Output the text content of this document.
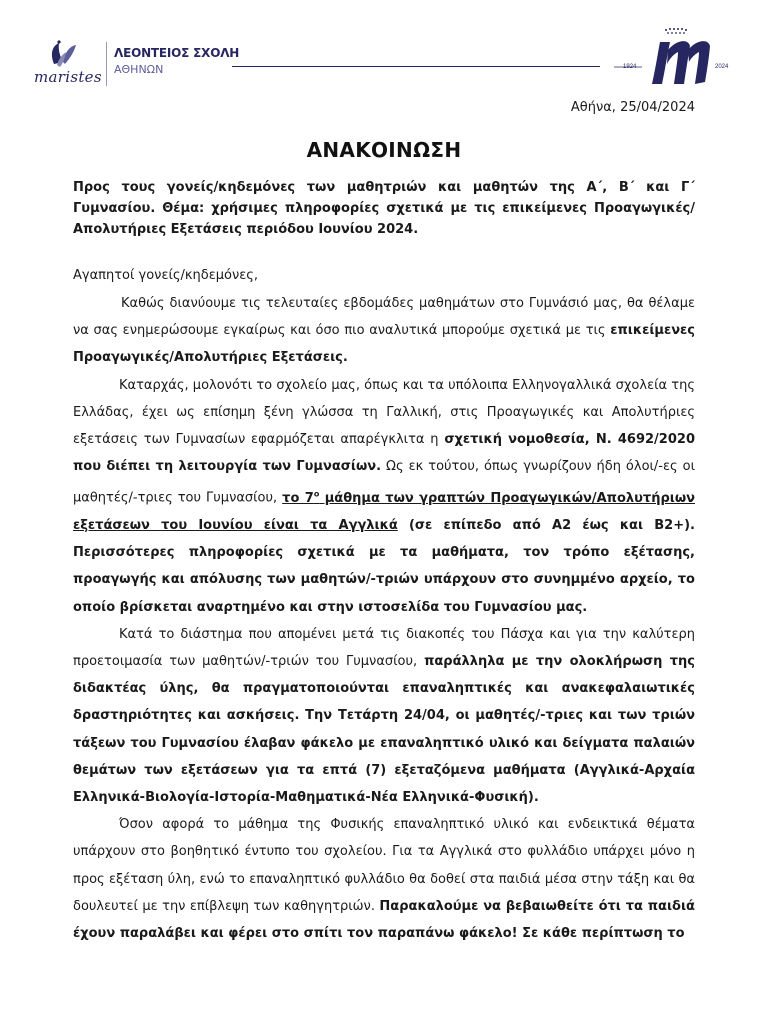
maristes
ΛΕΟΝΤΕΙΟΣ ΣΧΟΛΗ
ΑΘΗΝΩΝ	1924	2024
Αθήνα, 25/04/2024
ΑΝΑΚΟΙΝΩΣΗ

Προς τους γονείς/κηδεμόνες των μαθητριών και μαθητών της Α΄, Β΄ και Γ΄ Γυμνασίου. Θέμα: χρήσιμες πληροφορίες σχετικά με τις επικείμενες Προαγωγικές/Απολυτήριες Εξετάσεις περιόδου Ιουνίου 2024.

Αγαπητοί γονείς/κηδεμόνες,

Καθώς διανύουμε τις τελευταίες εβδομάδες μαθημάτων στο Γυμνάσιό μας, θα θέλαμε να σας ενημερώσουμε εγκαίρως και όσο πιο αναλυτικά μπορούμε σχετικά με τις επικείμενες Προαγωγικές/Απολυτήριες Εξετάσεις.

Καταρχάς, μολονότι το σχολείο μας, όπως και τα υπόλοιπα Ελληνογαλλικά σχολεία της Ελλάδας, έχει ως επίσημη ξένη γλώσσα τη Γαλλική, στις Προαγωγικές και Απολυτήριες εξετάσεις των Γυμνασίων εφαρμόζεται απαρέγκλιτα η σχετική νομοθεσία, Ν. 4692/2020 που διέπει τη λειτουργία των Γυμνασίων. Ως εκ τούτου, όπως γνωρίζουν ήδη όλοι/-ες οι μαθητές/-τριες του Γυμνασίου, το $7^o$ μάθημα των γραπτών Προαγωγικών/Απολυτήριων εξετάσεων του Ιουνίου είναι τα Αγγλικά (σε επίπεδο από Α2 έως και Β2+). Περισσότερες πληροφορίες σχετικά με τα μαθήματα, τον τρόπο εξέτασης, προαγωγής και απόλυσης των μαθητών/-τριών υπάρχουν στο συνημμένο αρχείο, το οποίο βρίσκεται αναρτημένο και στην ιστοσελίδα του Γυμνασίου μας.

Κατά το διάστημα που απομένει μετά τις διακοπές του Πάσχα και για την καλύτερη προετοιμασία των μαθητών/-τριών του Γυμνασίου, παράλληλα με την ολοκλήρωση της διδακτέας ύλης, θα πραγματοποιούνται επαναληπτικές και ανακεφαλαιωτικές δραστηριότητες και ασκήσεις. Την Τετάρτη 24/04, οι μαθητές/-τριες και των τριών τάξεων του Γυμνασίου έλαβαν φάκελο με επαναληπτικό υλικό και δείγματα παλαιών θεμάτων των εξετάσεων για τα επτά (7) εξεταζόμενα μαθήματα (Αγγλικά-Αρχαία Ελληνικά-Βιολογία-Ιστορία-Μαθηματικά-Νέα Ελληνικά-Φυσική).

Όσον αφορά το μάθημα της Φυσικής επαναληπτικό υλικό και ενδεικτικά θέματα υπάρχουν στο βοηθητικό έντυπο του σχολείου. Για τα Αγγλικά στο φυλλάδιο υπάρχει μόνο η προς εξέταση ύλη, ενώ το επαναληπτικό φυλλάδιο θα δοθεί στα παιδιά μέσα στην τάξη και θα δουλευτεί με την επίβλεψη των καθηγητριών. Παρακαλούμε να βεβαιωθείτε ότι τα παιδιά έχουν παραλάβει και φέρει στο σπίτι τον παραπάνω φάκελο! Σε κάθε περίπτωση το
